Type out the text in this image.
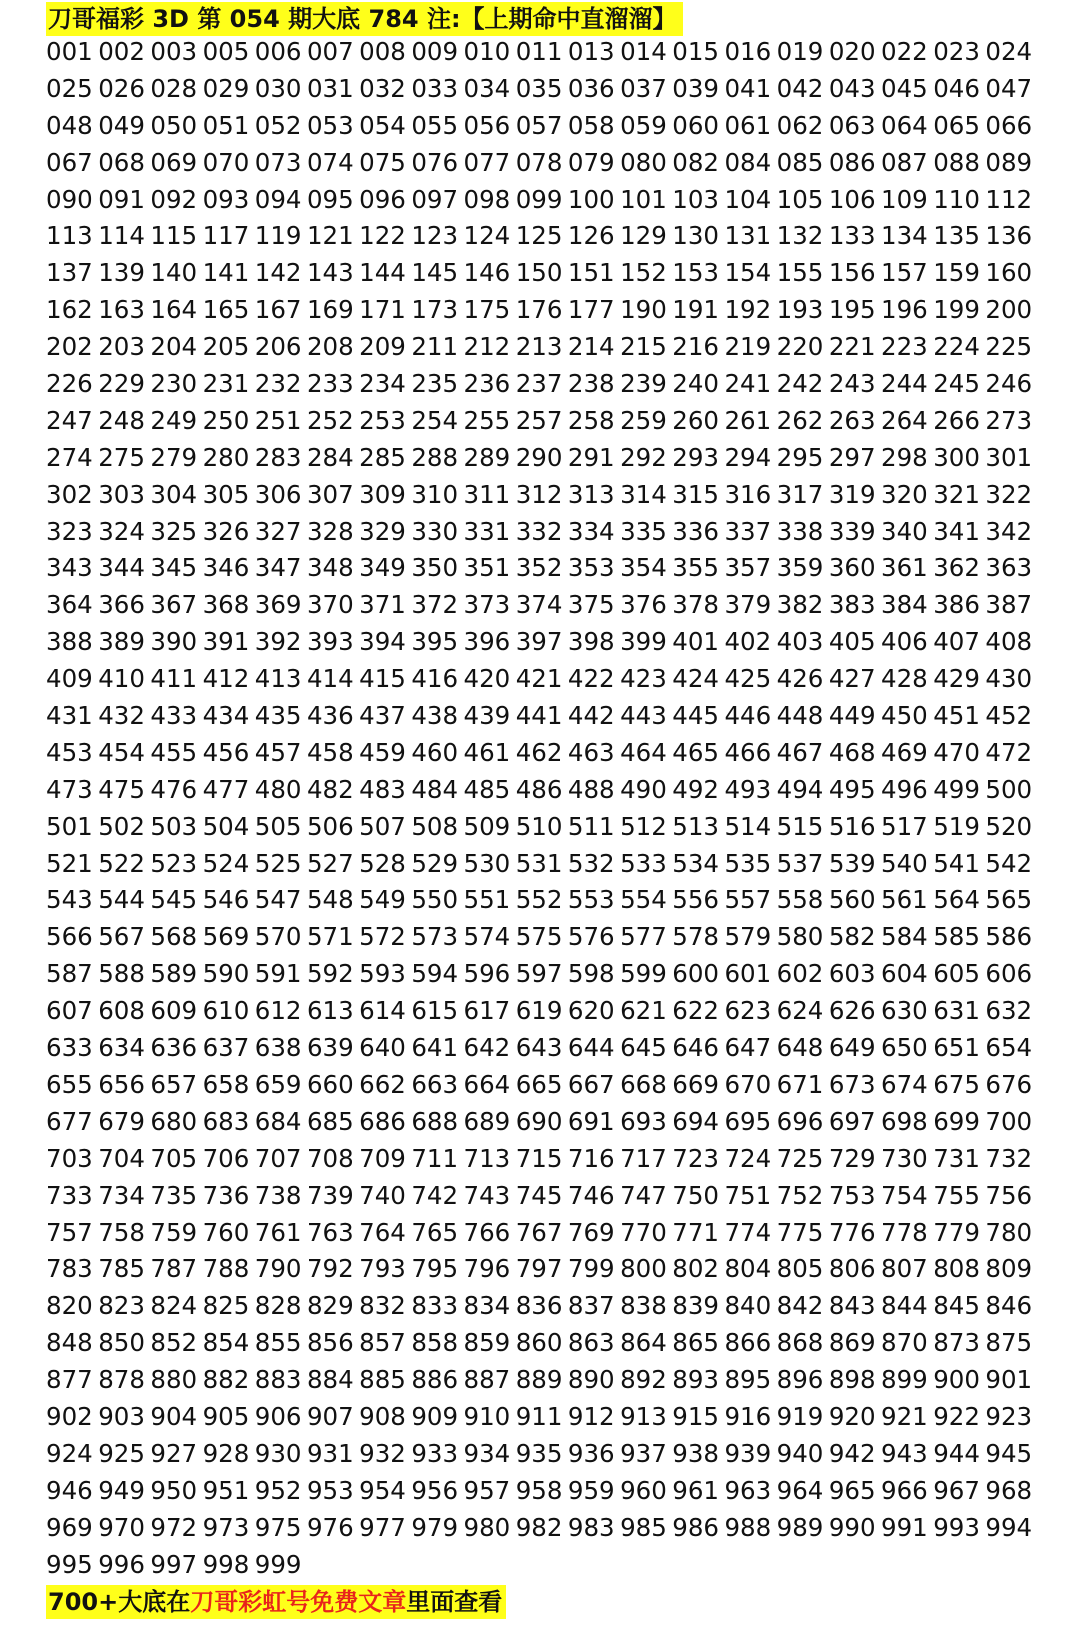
刀哥福彩 3D 第 054 期大底 784 注:【上期命中直溜溜】
001 002 003 005 006 007 008 009 010 011 013 014 015 016 019 020 022 023 024
025 026 028 029 030 031 032 033 034 035 036 037 039 041 042 043 045 046 047
048 049 050 051 052 053 054 055 056 057 058 059 060 061 062 063 064 065 066
067 068 069 070 073 074 075 076 077 078 079 080 082 084 085 086 087 088 089
090 091 092 093 094 095 096 097 098 099 100 101 103 104 105 106 109 110 112
113 114 115 117 119 121 122 123 124 125 126 129 130 131 132 133 134 135 136
137 139 140 141 142 143 144 145 146 150 151 152 153 154 155 156 157 159 160
162 163 164 165 167 169 171 173 175 176 177 190 191 192 193 195 196 199 200
202 203 204 205 206 208 209 211 212 213 214 215 216 219 220 221 223 224 225
226 229 230 231 232 233 234 235 236 237 238 239 240 241 242 243 244 245 246
247 248 249 250 251 252 253 254 255 257 258 259 260 261 262 263 264 266 273
274 275 279 280 283 284 285 288 289 290 291 292 293 294 295 297 298 300 301
302 303 304 305 306 307 309 310 311 312 313 314 315 316 317 319 320 321 322
323 324 325 326 327 328 329 330 331 332 334 335 336 337 338 339 340 341 342
343 344 345 346 347 348 349 350 351 352 353 354 355 357 359 360 361 362 363
364 366 367 368 369 370 371 372 373 374 375 376 378 379 382 383 384 386 387
388 389 390 391 392 393 394 395 396 397 398 399 401 402 403 405 406 407 408
409 410 411 412 413 414 415 416 420 421 422 423 424 425 426 427 428 429 430
431 432 433 434 435 436 437 438 439 441 442 443 445 446 448 449 450 451 452
453 454 455 456 457 458 459 460 461 462 463 464 465 466 467 468 469 470 472
473 475 476 477 480 482 483 484 485 486 488 490 492 493 494 495 496 499 500
501 502 503 504 505 506 507 508 509 510 511 512 513 514 515 516 517 519 520
521 522 523 524 525 527 528 529 530 531 532 533 534 535 537 539 540 541 542
543 544 545 546 547 548 549 550 551 552 553 554 556 557 558 560 561 564 565
566 567 568 569 570 571 572 573 574 575 576 577 578 579 580 582 584 585 586
587 588 589 590 591 592 593 594 596 597 598 599 600 601 602 603 604 605 606
607 608 609 610 612 613 614 615 617 619 620 621 622 623 624 626 630 631 632
633 634 636 637 638 639 640 641 642 643 644 645 646 647 648 649 650 651 654
655 656 657 658 659 660 662 663 664 665 667 668 669 670 671 673 674 675 676
677 679 680 683 684 685 686 688 689 690 691 693 694 695 696 697 698 699 700
703 704 705 706 707 708 709 711 713 715 716 717 723 724 725 729 730 731 732
733 734 735 736 738 739 740 742 743 745 746 747 750 751 752 753 754 755 756
757 758 759 760 761 763 764 765 766 767 769 770 771 774 775 776 778 779 780
783 785 787 788 790 792 793 795 796 797 799 800 802 804 805 806 807 808 809
820 823 824 825 828 829 832 833 834 836 837 838 839 840 842 843 844 845 846
848 850 852 854 855 856 857 858 859 860 863 864 865 866 868 869 870 873 875
877 878 880 882 883 884 885 886 887 889 890 892 893 895 896 898 899 900 901
902 903 904 905 906 907 908 909 910 911 912 913 915 916 919 920 921 922 923
924 925 927 928 930 931 932 933 934 935 936 937 938 939 940 942 943 944 945
946 949 950 951 952 953 954 956 957 958 959 960 961 963 964 965 966 967 968
969 970 972 973 975 976 977 979 980 982 983 985 986 988 989 990 991 993 994
995 996 997 998 999
700+大底在刀哥彩虹号免费文章里面查看
